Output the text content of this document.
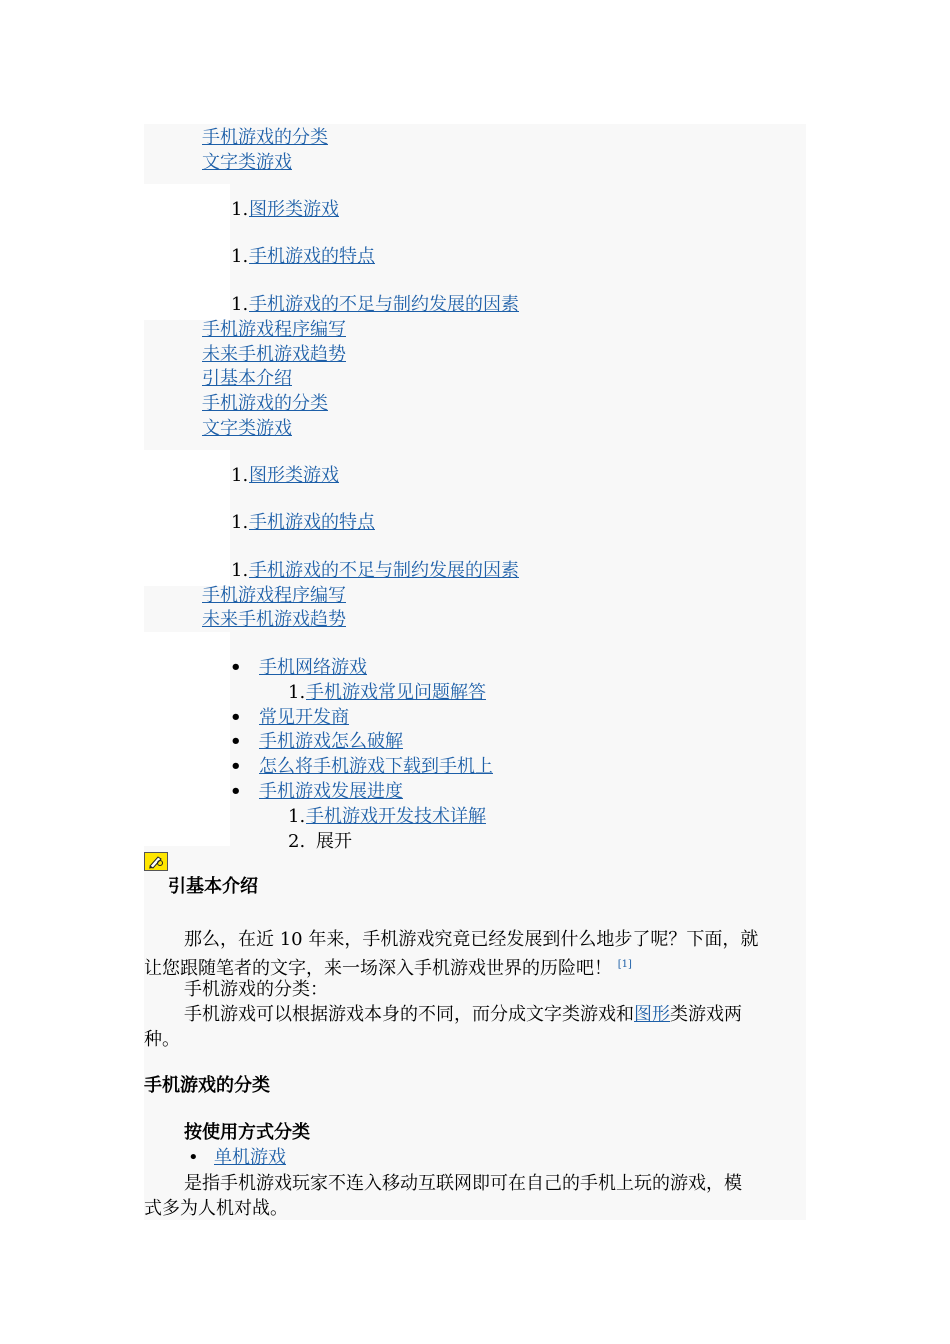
手机游戏的分类
文字类游戏
1. 图形类游戏
1. 手机游戏的特点
1. 手机游戏的不足与制约发展的因素
手机游戏程序编写
未来手机游戏趋势
引基本介绍
手机游戏的分类
文字类游戏
1. 图形类游戏
1. 手机游戏的特点
1. 手机游戏的不足与制约发展的因素
手机游戏程序编写
未来手机游戏趋势
• 手机网络游戏
1. 手机游戏常见问题解答
• 常见开发商
• 手机游戏怎么破解
• 怎么将手机游戏下载到手机上
• 手机游戏发展进度
1. 手机游戏开发技术详解
2. 展开
引基本介绍
那么，在近 10 年来，手机游戏究竟已经发展到什么地步了呢？下面，就

让您跟随笔者的文字，来一场深入手机游戏世界的历险吧！ [1]
手机游戏的分类：
手机游戏可以根据游戏本身的不同，而分成文字类游戏和图形类游戏两
种。
手机游戏的分类
按使用方式分类
• 单机游戏
是指手机游戏玩家不连入移动互联网即可在自己的手机上玩的游戏，模
式多为人机对战。
